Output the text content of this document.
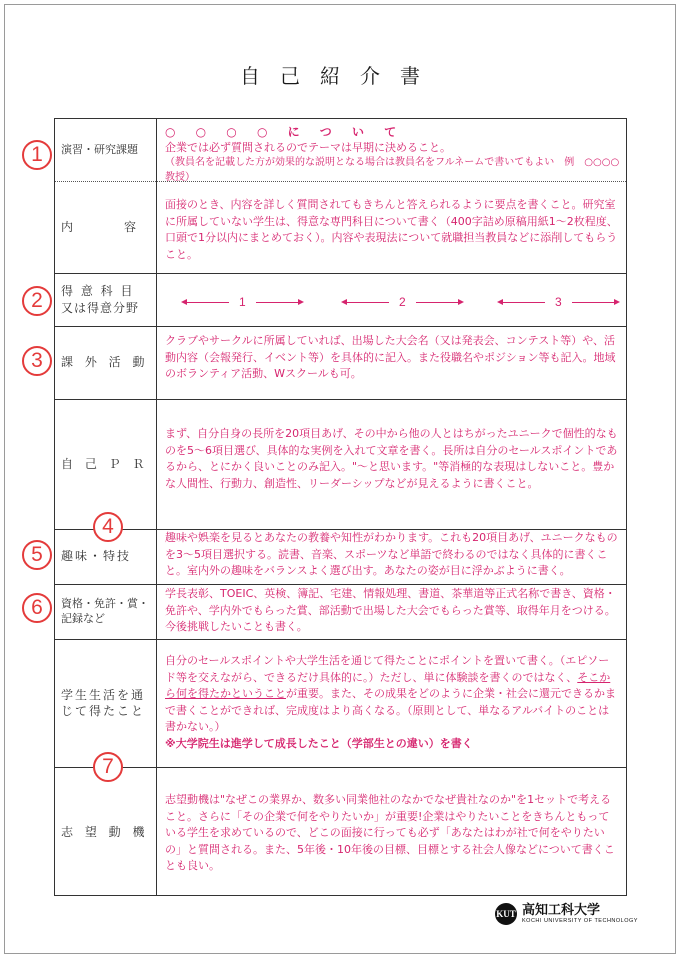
自己紹介書
演習・研究課題
○ ○ ○ ○ に つ い て
企業では必ず質問されるのでテーマは早期に決めること。
（教員名を記載した方が効果的な説明となる場合は教員名をフルネームで書いてもよい　例　○○○○教授）
内　　容
面接のとき、内容を詳しく質問されてもきちんと答えられるように要点を書くこと。研究室に所属していない学生は、得意な専門科目について書く（400字詰め原稿用紙1〜2枚程度、口頭で1分以内にまとめておく）。内容や表現法について就職担当教員などに添削してもらうこと。
得 意 科 目
又は得意分野	1	2	3
課 外 活 動
クラブやサークルに所属していれば、出場した大会名（又は発表会、コンテスト等）や、活動内容（会報発行、イベント等）を具体的に記入。また役職名やポジション等も記入。地域のボランティア活動、Wスクールも可。
自 己 Ｐ Ｒ
まず、自分自身の長所を20項目あげ、その中から他の人とはちがったユニークで個性的なものを5〜6項目選び、具体的な実例を入れて文章を書く。長所は自分のセールスポイントであるから、とにかく良いことのみ記入。"〜と思います。"等消極的な表現はしないこと。豊かな人間性、行動力、創造性、リーダーシップなどが見えるように書くこと。
趣味・特技
趣味や娯楽を見るとあなたの教養や知性がわかります。これも20項目あげ、ユニークなものを3〜5項目選択する。読書、音楽、スポーツなど単語で終わるのではなく具体的に書くこと。室内外の趣味をバランスよく選び出す。あなたの姿が目に浮かぶように書く。
資格・免許・賞・
記録など
学長表彰、TOEIC、英検、簿記、宅建、情報処理、書道、茶華道等正式名称で書き、資格・免許や、学内外でもらった賞、部活動で出場した大会でもらった賞等、取得年月をつける。今後挑戦したいことも書く。
学生生活を通
じて得たこと
自分のセールスポイントや大学生活を通じて得たことにポイントを置いて書く。（エピソード等を交えながら、できるだけ具体的に。）ただし、単に体験談を書くのではなく、そこから何を得たかということが重要。また、その成果をどのように企業・社会に還元できるかまで書くことができれば、完成度はより高くなる。（原則として、単なるアルバイトのことは書かない。）
※大学院生は進学して成長したこと（学部生との違い）を書く
志 望 動 機
志望動機は"なぜこの業界か、数多い同業他社のなかでなぜ貴社なのか"を1セットで考えること。さらに「その企業で何をやりたいか」が重要!企業はやりたいことをきちんともっている学生を求めているので、どこの面接に行っても必ず「あなたはわが社で何をやりたいの」と質問される。また、5年後・10年後の目標、目標とする社会人像などについて書くことも良い。
1
2
3
4
5
6
7
KUT 高知工科大学
KOCHI UNIVERSITY OF TECHNOLOGY
